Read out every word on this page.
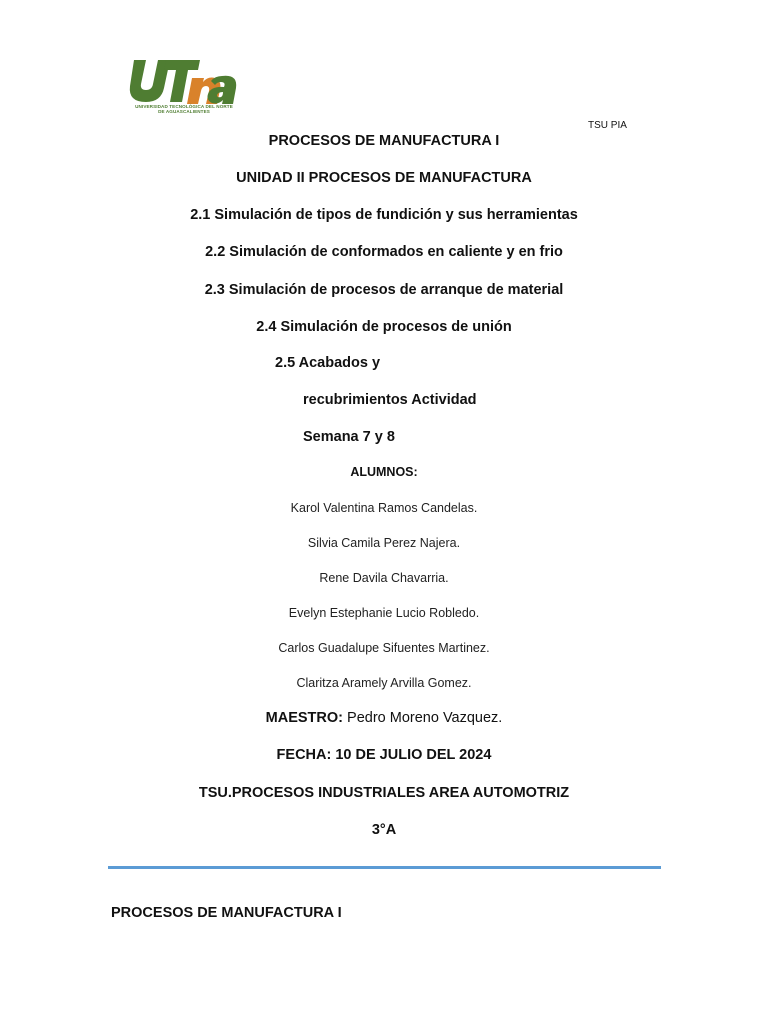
UNIVERSIDAD TECNOLÓGICA DEL NORTE
DE AGUASCALIENTES
TSU PIA
PROCESOS DE MANUFACTURA I
UNIDAD II PROCESOS DE MANUFACTURA
2.1 Simulación de tipos de fundición y sus herramientas
2.2 Simulación de conformados en caliente y en frio
2.3 Simulación de procesos de arranque de material
2.4 Simulación de procesos de unión
2.5 Acabados y
recubrimientos Actividad
Semana 7 y 8
ALUMNOS:
Karol Valentina Ramos Candelas.
Silvia Camila Perez Najera.
Rene Davila Chavarria.
Evelyn Estephanie Lucio Robledo.
Carlos Guadalupe Sifuentes Martinez.
Claritza Aramely Arvilla Gomez.
MAESTRO: Pedro Moreno Vazquez.
FECHA: 10 DE JULIO DEL 2024
TSU.PROCESOS INDUSTRIALES AREA AUTOMOTRIZ
3°A
PROCESOS DE MANUFACTURA I
